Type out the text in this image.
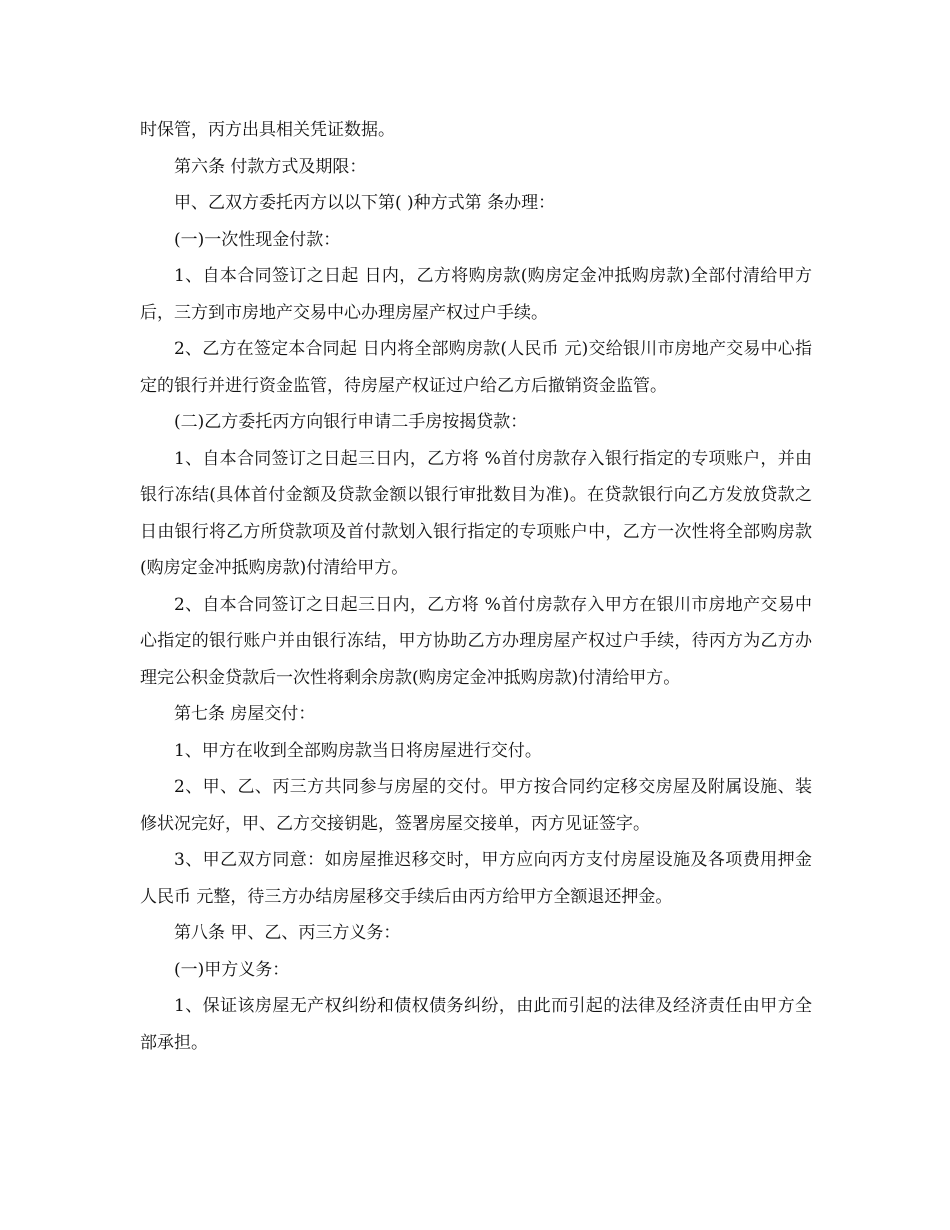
时保管，丙方出具相关凭证数据。

第六条 付款方式及期限：

甲、乙双方委托丙方以以下第( )种方式第 条办理：

(一)一次性现金付款：

1、自本合同签订之日起 日内，乙方将购房款(购房定金冲抵购房款)全部付清给甲方后，三方到市房地产交易中心办理房屋产权过户手续。

2、乙方在签定本合同起 日内将全部购房款(人民币 元)交给银川市房地产交易中心指定的银行并进行资金监管，待房屋产权证过户给乙方后撤销资金监管。

(二)乙方委托丙方向银行申请二手房按揭贷款：

1、自本合同签订之日起三日内，乙方将 %首付房款存入银行指定的专项账户，并由银行冻结(具体首付金额及贷款金额以银行审批数目为准)。在贷款银行向乙方发放贷款之日由银行将乙方所贷款项及首付款划入银行指定的专项账户中，乙方一次性将全部购房款(购房定金冲抵购房款)付清给甲方。

2、自本合同签订之日起三日内，乙方将 %首付房款存入甲方在银川市房地产交易中心指定的银行账户并由银行冻结，甲方协助乙方办理房屋产权过户手续，待丙方为乙方办理完公积金贷款后一次性将剩余房款(购房定金冲抵购房款)付清给甲方。

第七条 房屋交付：

1、甲方在收到全部购房款当日将房屋进行交付。

2、甲、乙、丙三方共同参与房屋的交付。甲方按合同约定移交房屋及附属设施、装修状况完好，甲、乙方交接钥匙，签署房屋交接单，丙方见证签字。

3、甲乙双方同意：如房屋推迟移交时，甲方应向丙方支付房屋设施及各项费用押金人民币 元整，待三方办结房屋移交手续后由丙方给甲方全额退还押金。

第八条 甲、乙、丙三方义务：

(一)甲方义务：

1、保证该房屋无产权纠纷和债权债务纠纷，由此而引起的法律及经济责任由甲方全部承担。
